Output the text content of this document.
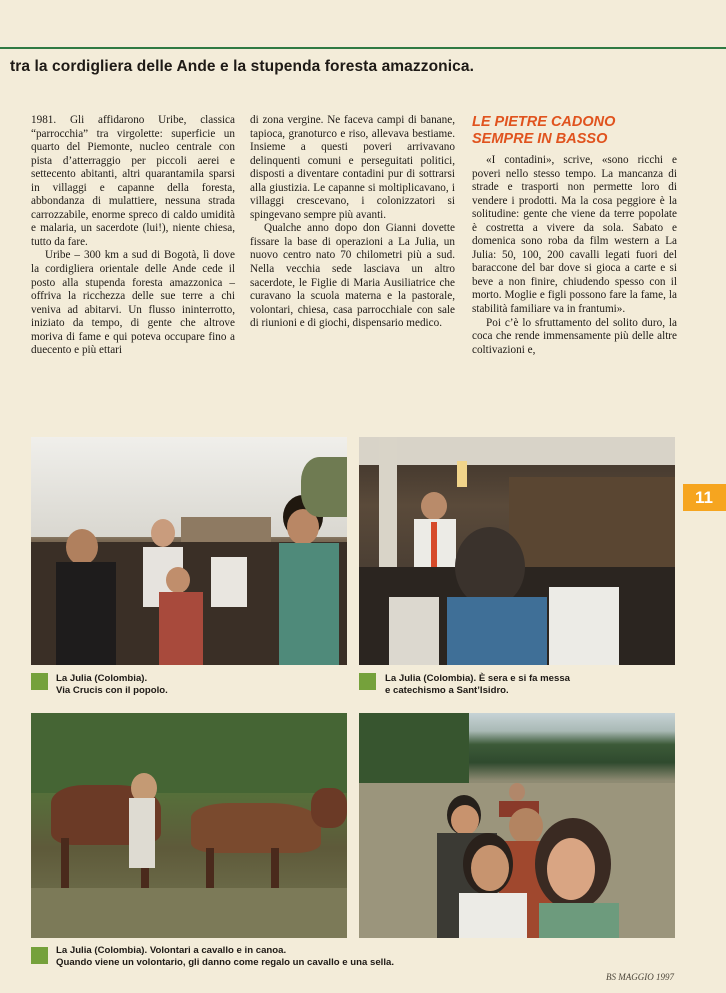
tra la cordigliera delle Ande e la stupenda foresta amazzonica.

1981. Gli affidarono Uribe, classica “parrocchia” tra virgolette: superficie un quarto del Piemonte, nucleo centrale con pista d’atterraggio per piccoli aerei e settecento abitanti, altri quarantamila sparsi in villaggi e capanne della foresta, abbondanza di mulattiere, nessuna strada carrozzabile, enorme spreco di caldo umidità e malaria, un sacerdote (lui!), niente chiesa, tutto da fare.

Uribe – 300 km a sud di Bogotà, lì dove la cordigliera orientale delle Ande cede il posto alla stupenda foresta amazzonica – offriva la ricchezza delle sue terre a chi veniva ad abitarvi. Un flusso ininterrotto, iniziato da tempo, di gente che altrove moriva di fame e qui poteva occupare fino a duecento e più ettari

di zona vergine. Ne faceva campi di banane, tapioca, granoturco e riso, allevava bestiame. Insieme a questi poveri arrivavano delinquenti comuni e perseguitati politici, disposti a diventare contadini pur di sottrarsi alla giustizia. Le capanne si moltiplicavano, i villaggi crescevano, i colonizzatori si spingevano sempre più avanti.

Qualche anno dopo don Gianni dovette fissare la base di operazioni a La Julia, un nuovo centro nato 70 chilometri più a sud. Nella vecchia sede lasciava un altro sacerdote, le Figlie di Maria Ausiliatrice che curavano la scuola materna e la pastorale, volontari, chiesa, casa parrocchiale con sale di riunioni e di giochi, dispensario medico.

LE PIETRE CADONO
SEMPRE IN BASSO

«I contadini», scrive, «sono ricchi e poveri nello stesso tempo. La mancanza di strade e trasporti non permette loro di vendere i prodotti. Ma la cosa peggiore è la solitudine: gente che viene da terre popolate è costretta a vivere da sola. Sabato e domenica sono roba da film western a La Julia: 50, 100, 200 cavalli legati fuori del baraccone del bar dove si gioca a carte e si beve a non finire, chiudendo spesso con il morto. Moglie e figli possono fare la fame, la stabilità familiare va in frantumi».

Poi c’è lo sfruttamento del solito duro, la coca che rende immensamente più delle altre coltivazioni e,

La Julia (Colombia).
Via Crucis con il popolo.
La Julia (Colombia). È sera e si fa messa
e catechismo a Sant’Isidro.
La Julia (Colombia). Volontari a cavallo e in canoa.
Quando viene un volontario, gli danno come regalo un cavallo e una sella.
11
BS MAGGIO 1997
